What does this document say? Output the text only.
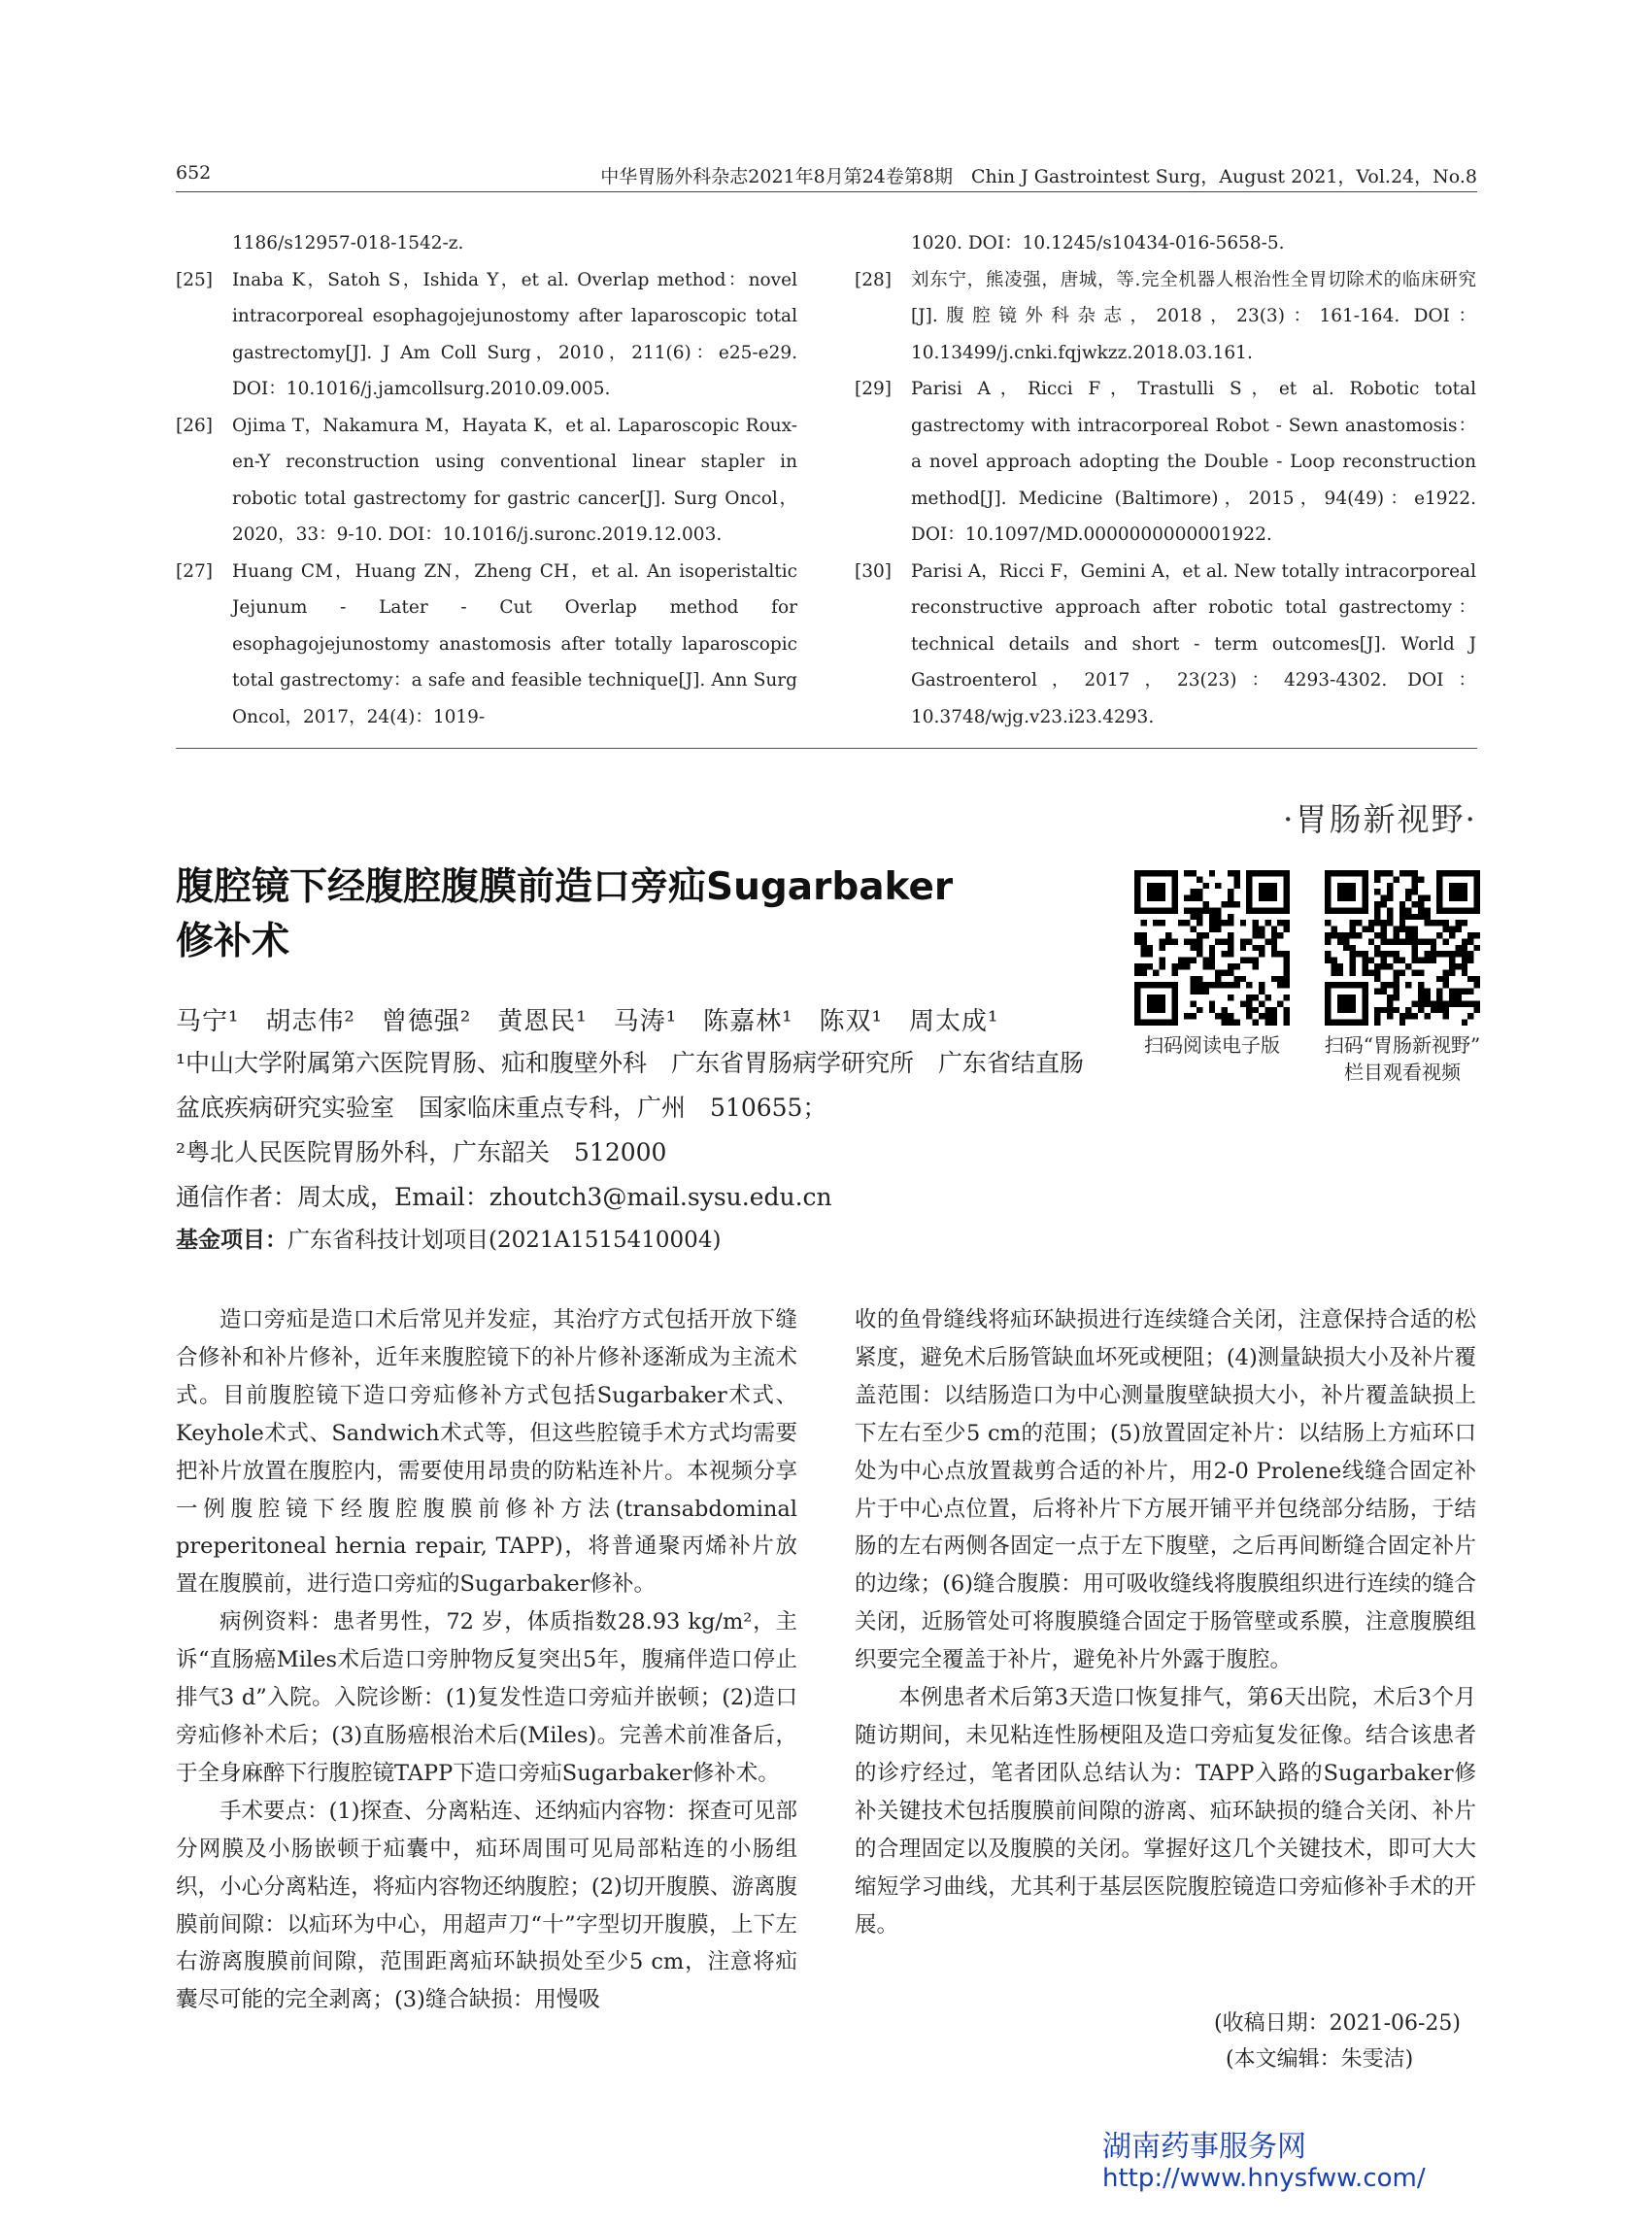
652	中华胃肠外科杂志2021年8月第24卷第8期　Chin J Gastrointest Surg，August 2021，Vol.24，No.8
1186/s12957-018-1542-z.
[25] Inaba K，Satoh S，Ishida Y，et al. Overlap method：novel intracorporeal esophagojejunostomy after laparoscopic total gastrectomy[J]. J Am Coll Surg，2010，211(6)：e25-e29. DOI：10.1016/j.jamcollsurg.2010.09.005.
[26] Ojima T，Nakamura M，Hayata K，et al. Laparoscopic Roux-en-Y reconstruction using conventional linear stapler in robotic total gastrectomy for gastric cancer[J]. Surg Oncol，2020，33：9-10. DOI：10.1016/j.suronc.2019.12.003.
[27] Huang CM，Huang ZN，Zheng CH，et al. An isoperistaltic Jejunum - Later - Cut Overlap method for esophagojejunostomy anastomosis after totally laparoscopic total gastrectomy：a safe and feasible technique[J]. Ann Surg Oncol，2017，24(4)：1019-
1020. DOI：10.1245/s10434-016-5658-5.
[28] 刘东宁，熊凌强，唐城，等.完全机器人根治性全胃切除术的临床研究[J].腹腔镜外科杂志，2018，23(3)：161-164. DOI：10.13499/j.cnki.fqjwkzz.2018.03.161.
[29] Parisi A，Ricci F，Trastulli S，et al. Robotic total gastrectomy with intracorporeal Robot - Sewn anastomosis：a novel approach adopting the Double - Loop reconstruction method[J]. Medicine (Baltimore)，2015，94(49)：e1922. DOI：10.1097/MD.0000000000001922.
[30] Parisi A，Ricci F，Gemini A，et al. New totally intracorporeal reconstructive approach after robotic total gastrectomy：technical details and short - term outcomes[J]. World J Gastroenterol，2017，23(23)：4293-4302. DOI：10.3748/wjg.v23.i23.4293.
·胃肠新视野·
腹腔镜下经腹腔腹膜前造口旁疝Sugarbaker
修补术
马宁¹　胡志伟²　曾德强²　黄恩民¹　马涛¹　陈嘉林¹　陈双¹　周太成¹
¹中山大学附属第六医院胃肠、疝和腹壁外科　广东省胃肠病学研究所　广东省结直肠盆底疾病研究实验室　国家临床重点专科，广州　510655；
²粤北人民医院胃肠外科，广东韶关　512000
通信作者：周太成，Email：zhoutch3@mail.sysu.edu.cn
基金项目：广东省科技计划项目(2021A1515410004)
扫码阅读电子版	扫码“胃肠新视野”
栏目观看视频

造口旁疝是造口术后常见并发症，其治疗方式包括开放下缝合修补和补片修补，近年来腹腔镜下的补片修补逐渐成为主流术式。目前腹腔镜下造口旁疝修补方式包括Sugarbaker术式、Keyhole术式、Sandwich术式等，但这些腔镜手术方式均需要把补片放置在腹腔内，需要使用昂贵的防粘连补片。本视频分享一例腹腔镜下经腹腔腹膜前修补方法(transabdominal preperitoneal hernia repair, TAPP)，将普通聚丙烯补片放置在腹膜前，进行造口旁疝的Sugarbaker修补。

病例资料：患者男性，72 岁，体质指数28.93 kg/m²，主诉“直肠癌Miles术后造口旁肿物反复突出5年，腹痛伴造口停止排气3 d”入院。入院诊断：(1)复发性造口旁疝并嵌顿；(2)造口旁疝修补术后；(3)直肠癌根治术后(Miles)。完善术前准备后，于全身麻醉下行腹腔镜TAPP下造口旁疝Sugarbaker修补术。

手术要点：(1)探查、分离粘连、还纳疝内容物：探查可见部分网膜及小肠嵌顿于疝囊中，疝环周围可见局部粘连的小肠组织，小心分离粘连，将疝内容物还纳腹腔；(2)切开腹膜、游离腹膜前间隙：以疝环为中心，用超声刀“十”字型切开腹膜，上下左右游离腹膜前间隙，范围距离疝环缺损处至少5 cm，注意将疝囊尽可能的完全剥离；(3)缝合缺损：用慢吸

收的鱼骨缝线将疝环缺损进行连续缝合关闭，注意保持合适的松紧度，避免术后肠管缺血坏死或梗阻；(4)测量缺损大小及补片覆盖范围：以结肠造口为中心测量腹壁缺损大小，补片覆盖缺损上下左右至少5 cm的范围；(5)放置固定补片：以结肠上方疝环口处为中心点放置裁剪合适的补片，用2-0 Prolene线缝合固定补片于中心点位置，后将补片下方展开铺平并包绕部分结肠，于结肠的左右两侧各固定一点于左下腹壁，之后再间断缝合固定补片的边缘；(6)缝合腹膜：用可吸收缝线将腹膜组织进行连续的缝合关闭，近肠管处可将腹膜缝合固定于肠管壁或系膜，注意腹膜组织要完全覆盖于补片，避免补片外露于腹腔。

本例患者术后第3天造口恢复排气，第6天出院，术后3个月随访期间，未见粘连性肠梗阻及造口旁疝复发征像。结合该患者的诊疗经过，笔者团队总结认为：TAPP入路的Sugarbaker修补关键技术包括腹膜前间隙的游离、疝环缺损的缝合关闭、补片的合理固定以及腹膜的关闭。掌握好这几个关键技术，即可大大缩短学习曲线，尤其利于基层医院腹腔镜造口旁疝修补手术的开展。

(收稿日期：2021-06-25)
(本文编辑：朱雯洁)
湖南药事服务网
http://www.hnysfww.com/
